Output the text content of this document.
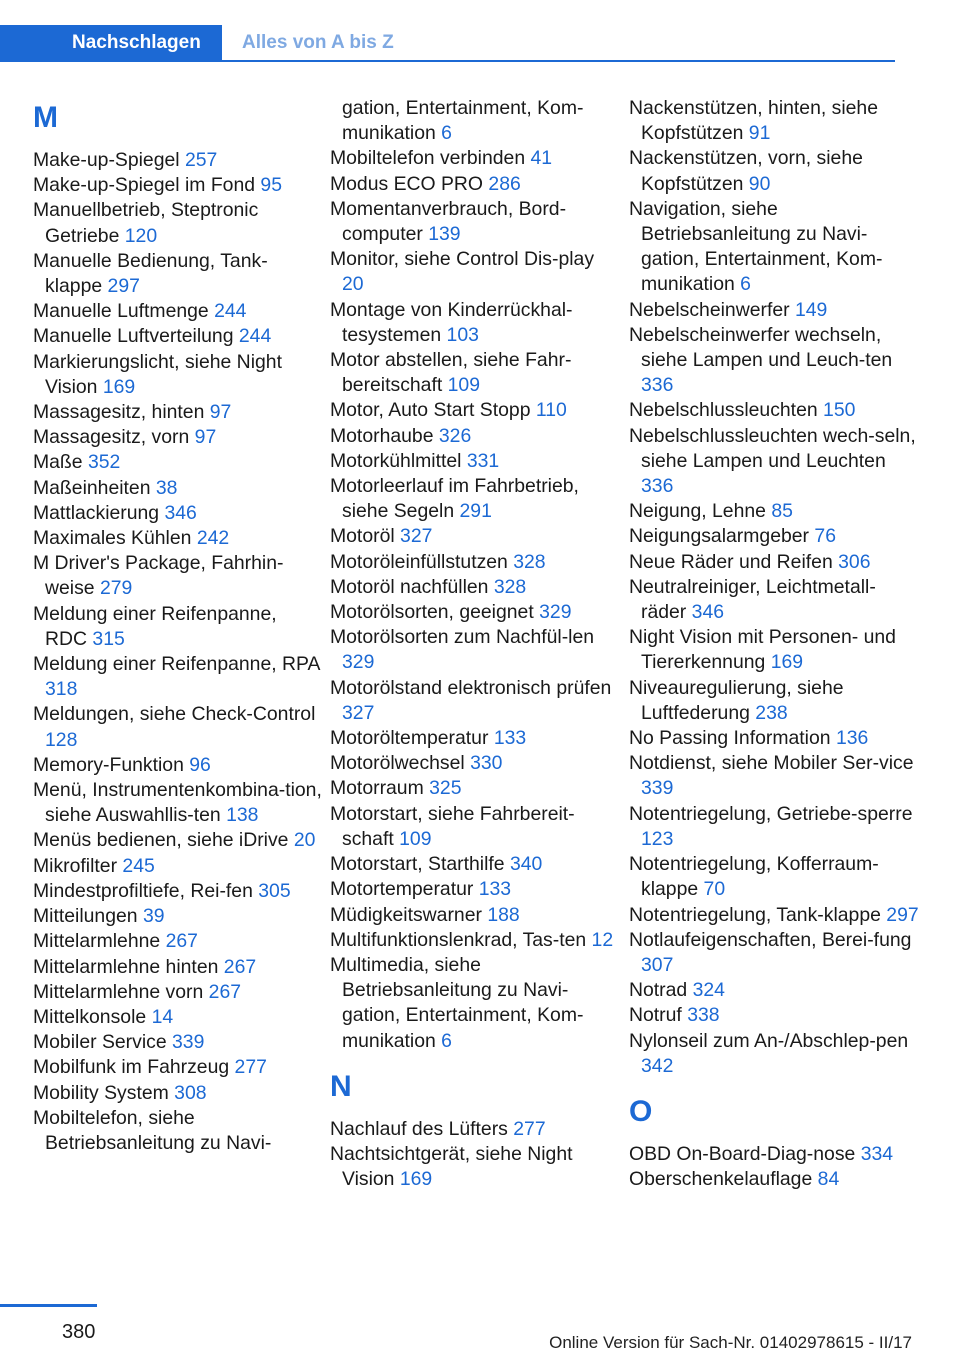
Nachschlagen	Alles von A bis Z
M
Make-up-Spiegel 257
Make-up-Spiegel im Fond 95
Manuellbetrieb, Steptronic Getriebe 120
Manuelle Bedienung, Tank-klappe 297
Manuelle Luftmenge 244
Manuelle Luftverteilung 244
Markierungslicht, siehe Night Vision 169
Massagesitz, hinten 97
Massagesitz, vorn 97
Maße 352
Maßeinheiten 38
Mattlackierung 346
Maximales Kühlen 242
M Driver's Package, Fahrhin-weise 279
Meldung einer Reifenpanne, RDC 315
Meldung einer Reifenpanne, RPA 318
Meldungen, siehe Check-Control 128
Memory-Funktion 96
Menü, Instrumentenkombina-tion, siehe Auswahllis-ten 138
Menüs bedienen, siehe iDrive 20
Mikrofilter 245
Mindestprofiltiefe, Rei-fen 305
Mitteilungen 39
Mittelarmlehne 267
Mittelarmlehne hinten 267
Mittelarmlehne vorn 267
Mittelkonsole 14
Mobiler Service 339
Mobilfunk im Fahrzeug 277
Mobility System 308
Mobiltelefon, siehe Betriebsanleitung zu Navi-
gation, Entertainment, Kom-munikation 6
Mobiltelefon verbinden 41
Modus ECO PRO 286
Momentanverbrauch, Bord-computer 139
Monitor, siehe Control Dis-play 20
Montage von Kinderrückhal-tesystemen 103
Motor abstellen, siehe Fahr-bereitschaft 109
Motor, Auto Start Stopp 110
Motorhaube 326
Motorkühlmittel 331
Motorleerlauf im Fahrbetrieb, siehe Segeln 291
Motoröl 327
Motoröleinfüllstutzen 328
Motoröl nachfüllen 328
Motorölsorten, geeignet 329
Motorölsorten zum Nachfül-len 329
Motorölstand elektronisch prüfen 327
Motoröltemperatur 133
Motorölwechsel 330
Motorraum 325
Motorstart, siehe Fahrbereit-schaft 109
Motorstart, Starthilfe 340
Motortemperatur 133
Müdigkeitswarner 188
Multifunktionslenkrad, Tas-ten 12
Multimedia, siehe Betriebsanleitung zu Navi-gation, Entertainment, Kom-munikation 6
N
Nachlauf des Lüfters 277
Nachtsichtgerät, siehe Night Vision 169
Nackenstützen, hinten, siehe Kopfstützen 91
Nackenstützen, vorn, siehe Kopfstützen 90
Navigation, siehe Betriebsanleitung zu Navi-gation, Entertainment, Kom-munikation 6
Nebelscheinwerfer 149
Nebelscheinwerfer wechseln, siehe Lampen und Leuch-ten 336
Nebelschlussleuchten 150
Nebelschlussleuchten wech-seln, siehe Lampen und Leuchten 336
Neigung, Lehne 85
Neigungsalarmgeber 76
Neue Räder und Reifen 306
Neutralreiniger, Leichtmetall-räder 346
Night Vision mit Personen- und Tiererkennung 169
Niveauregulierung, siehe Luftfederung 238
No Passing Information 136
Notdienst, siehe Mobiler Ser-vice 339
Notentriegelung, Getriebe-sperre 123
Notentriegelung, Kofferraum-klappe 70
Notentriegelung, Tank-klappe 297
Notlaufeigenschaften, Berei-fung 307
Notrad 324
Notruf 338
Nylonseil zum An-/Abschlep-pen 342
O
OBD On-Board-Diag-nose 334
Oberschenkelauflage 84
380	Online Version für Sach-Nr. 01402978615 - II/17
